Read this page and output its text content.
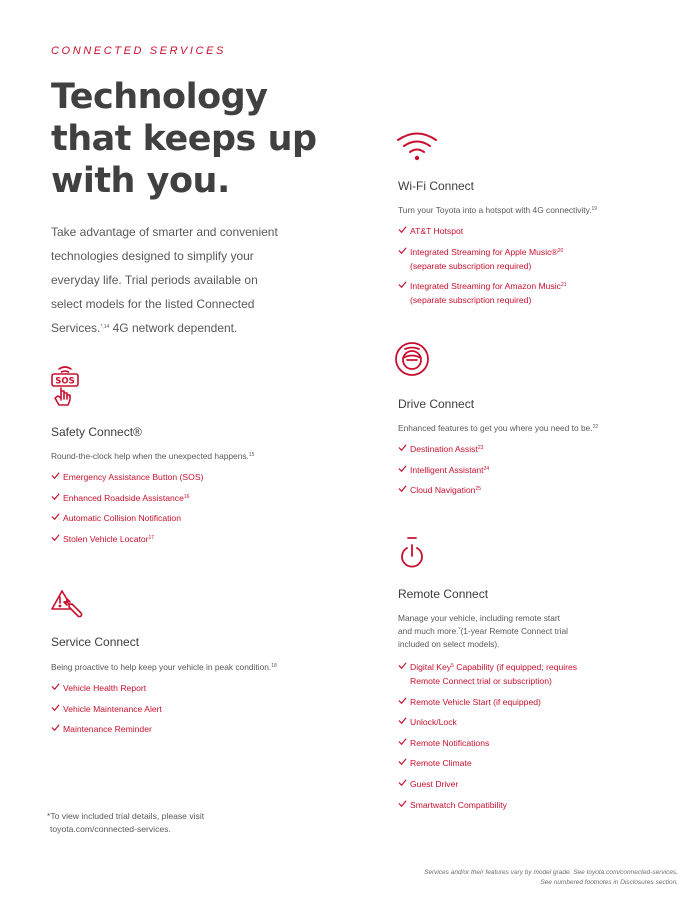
CONNECTED SERVICES
Technology
that keeps up
with you.
Take advantage of smarter and convenient technologies designed to simplify your everyday life. Trial periods available on select models for the listed Connected Services.$^{*,14}$ 4G network dependent.
SOS
Safety Connect®
Round-the-clock help when the unexpected happens.$^{15}$
Emergency Assistance Button (SOS)
Enhanced Roadside Assistance$^{16}$
Automatic Collision Notification
Stolen Vehicle Locator$^{17}$
Service Connect
Being proactive to help keep your vehicle in peak condition.$^{18}$
Vehicle Health Report
Vehicle Maintenance Alert
Maintenance Reminder
Wi-Fi Connect
Turn your Toyota into a hotspot with 4G connectivity.$^{19}$
AT&T Hotspot
Integrated Streaming for Apple Music®$^{20}$
(separate subscription required)
Integrated Streaming for Amazon Music$^{21}$
(separate subscription required)
Drive Connect
Enhanced features to get you where you need to be.$^{22}$
Destination Assist$^{23}$
Intelligent Assistant$^{24}$
Cloud Navigation$^{25}$
Remote Connect
Manage your vehicle, including remote start
and much more.*(1-year Remote Connect trial
included on select models).
Digital Key$^5$ Capability (if equipped; requires
Remote Connect trial or subscription)
Remote Vehicle Start (if equipped)
Unlock/Lock
Remote Notifications
Remote Climate
Guest Driver
Smartwatch Compatibility
*To view included trial details, please visit
toyota.com/connected-services.
Services and/or their features vary by model grade. See toyota.com/connected-services.
See numbered footnotes in Disclosures section.
